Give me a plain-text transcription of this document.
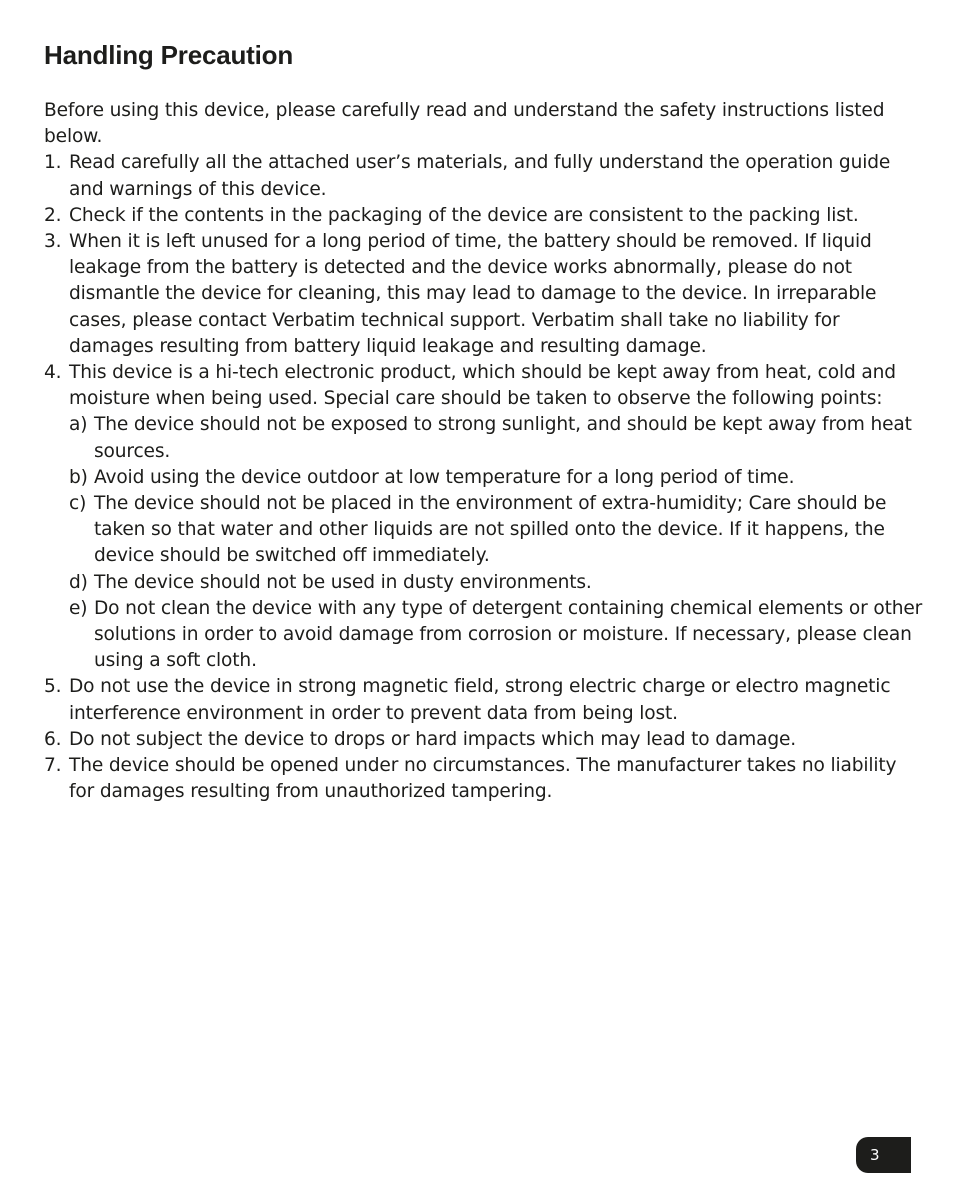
Handling Precaution

Before using this device, please carefully read and understand the safety instructions listed below.

1. Read carefully all the attached user’s materials, and fully understand the operation guide and warnings of this device.
2. Check if the contents in the packaging of the device are consistent to the packing list.
3. When it is left unused for a long period of time, the battery should be removed. If liquid leakage from the battery is detected and the device works abnormally, please do not dismantle the device for cleaning, this may lead to damage to the device. In irreparable cases, please contact Verbatim technical support. Verbatim shall take no liability for damages resulting from battery liquid leakage and resulting damage.
4. This device is a hi-tech electronic product, which should be kept away from heat, cold and moisture when being used. Special care should be taken to observe the following points:
a) The device should not be exposed to strong sunlight, and should be kept away from heat sources.
b) Avoid using the device outdoor at low temperature for a long period of time.
c) The device should not be placed in the environment of extra-humidity; Care should be taken so that water and other liquids are not spilled onto the device. If it happens, the device should be switched off immediately.
d) The device should not be used in dusty environments.
e) Do not clean the device with any type of detergent containing chemical elements or other solutions in order to avoid damage from corrosion or moisture. If necessary, please clean using a soft cloth.
5. Do not use the device in strong magnetic field, strong electric charge or electro magnetic interference environment in order to prevent data from being lost.
6. Do not subject the device to drops or hard impacts which may lead to damage.
7. The device should be opened under no circumstances. The manufacturer takes no liability for damages resulting from unauthorized tampering.
3
